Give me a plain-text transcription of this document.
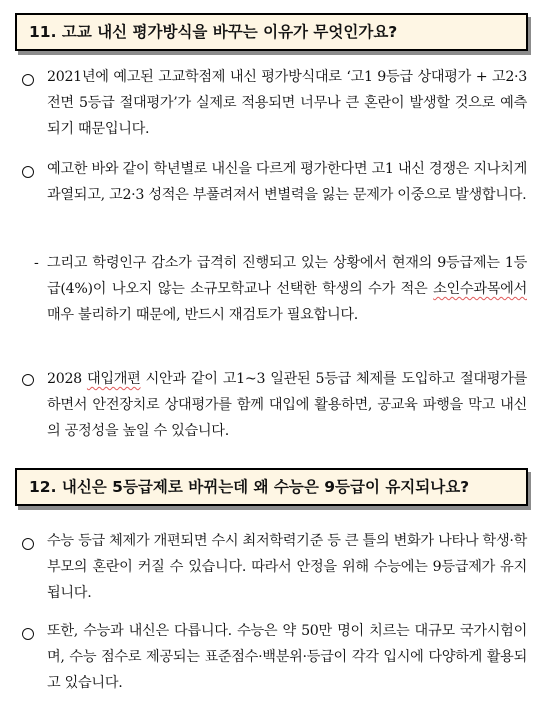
11. 고교 내신 평가방식을 바꾸는 이유가 무엇인가요?
2021년에 예고된 고교학점제 내신 평가방식대로 ‘고1 9등급 상대평가 + 고2·3 전면 5등급 절대평가’가 실제로 적용되면 너무나 큰 혼란이 발생할 것으로 예측되기 때문입니다.
예고한 바와 같이 학년별로 내신을 다르게 평가한다면 고1 내신 경쟁은 지나치게 과열되고, 고2·3 성적은 부풀려져서 변별력을 잃는 문제가 이중으로 발생합니다.
- 그리고 학령인구 감소가 급격히 진행되고 있는 상황에서 현재의 9등급제는 1등급(4%)이 나오지 않는 소규모학교나 선택한 학생의 수가 적은 소인수과목에서 매우 불리하기 때문에, 반드시 재검토가 필요합니다.
2028 대입개편 시안과 같이 고1~3 일관된 5등급 체제를 도입하고 절대평가를 하면서 안전장치로 상대평가를 함께 대입에 활용하면, 공교육 파행을 막고 내신의 공정성을 높일 수 있습니다.
12. 내신은 5등급제로 바뀌는데 왜 수능은 9등급이 유지되나요?
수능 등급 체제가 개편되면 수시 최저학력기준 등 큰 틀의 변화가 나타나 학생·학부모의 혼란이 커질 수 있습니다. 따라서 안정을 위해 수능에는 9등급제가 유지됩니다.
또한, 수능과 내신은 다릅니다. 수능은 약 50만 명이 치르는 대규모 국가시험이며, 수능 점수로 제공되는 표준점수·백분위·등급이 각각 입시에 다양하게 활용되고 있습니다.
